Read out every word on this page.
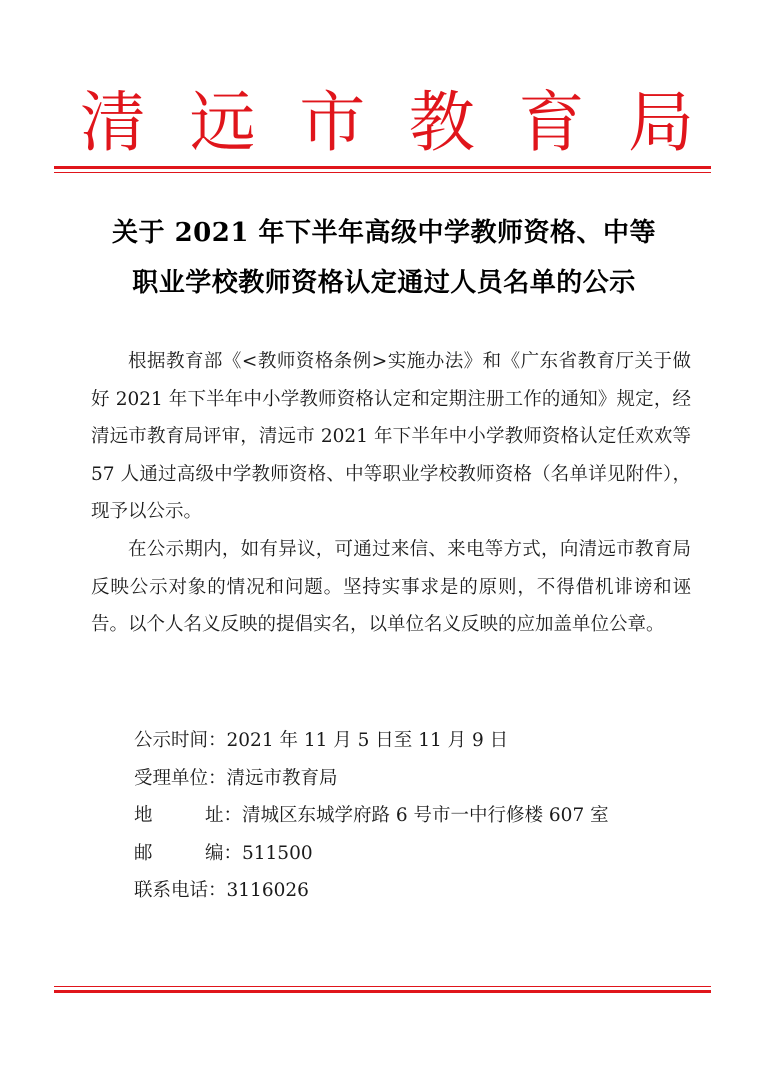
清 远 市 教 育 局
关于 2021 年下半年高级中学教师资格、中等
职业学校教师资格认定通过人员名单的公示

根据教育部《<教师资格条例>实施办法》和《广东省教育厅关于做好 2021 年下半年中小学教师资格认定和定期注册工作的通知》规定，经清远市教育局评审，清远市 2021 年下半年中小学教师资格认定任欢欢等 57 人通过高级中学教师资格、中等职业学校教师资格（名单详见附件），现予以公示。

在公示期内，如有异议，可通过来信、来电等方式，向清远市教育局反映公示对象的情况和问题。坚持实事求是的原则，不得借机诽谤和诬告。以个人名义反映的提倡实名，以单位名义反映的应加盖单位公章。

公示时间： 2021 年 11 月 5 日至 11 月 9 日
受理单位： 清远市教育局
地	址： 清城区东城学府路 6 号市一中行修楼 607 室
邮	编： 511500
联系电话： 3116026
